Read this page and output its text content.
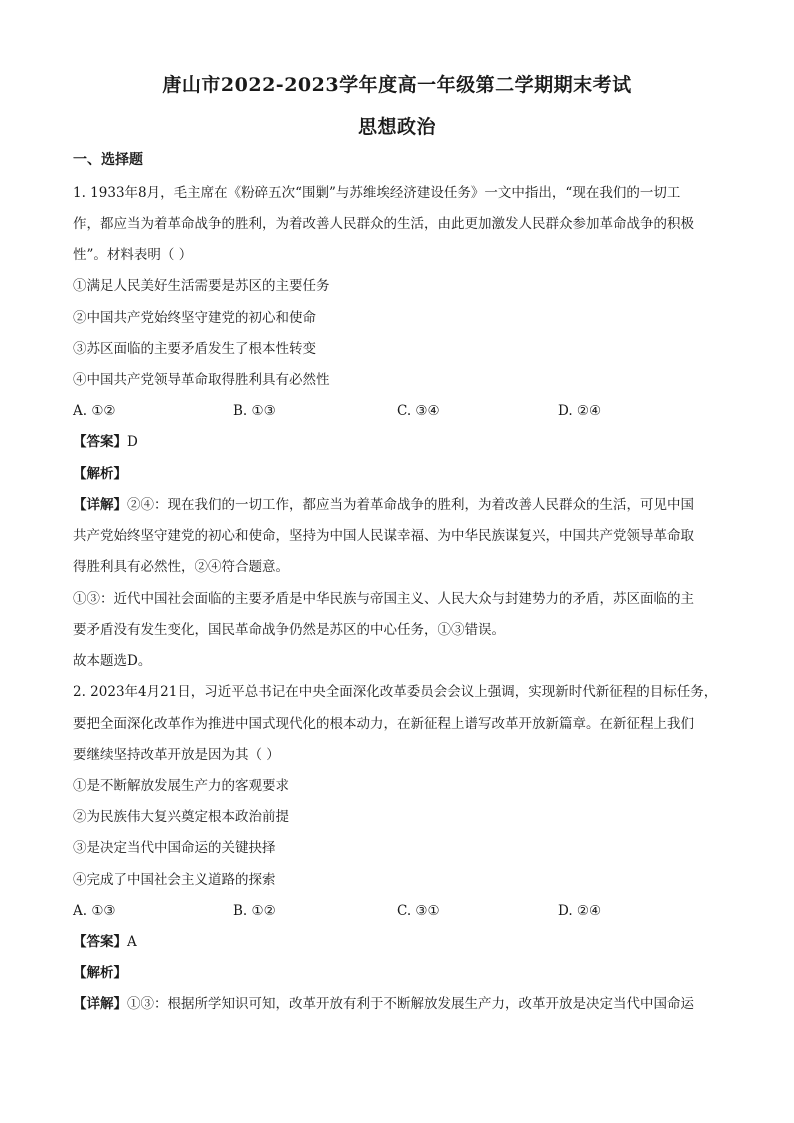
唐山市2022-2023学年度高一年级第二学期期末考试
思想政治
一、选择题
1. 1933年8月，毛主席在《粉碎五次“围剿”与苏维埃经济建设任务》一文中指出，“现在我们的一切工
作，都应当为着革命战争的胜利，为着改善人民群众的生活，由此更加激发人民群众参加革命战争的积极
性”。材料表明（ ）
①满足人民美好生活需要是苏区的主要任务
②中国共产党始终坚守建党的初心和使命
③苏区面临的主要矛盾发生了根本性转变
④中国共产党领导革命取得胜利具有必然性
A. ①②	B. ①③	C. ③④	D. ②④
【答案】D
【解析】
【详解】②④：现在我们的一切工作，都应当为着革命战争的胜利，为着改善人民群众的生活，可见中国
共产党始终坚守建党的初心和使命，坚持为中国人民谋幸福、为中华民族谋复兴，中国共产党领导革命取
得胜利具有必然性，②④符合题意。
①③：近代中国社会面临的主要矛盾是中华民族与帝国主义、人民大众与封建势力的矛盾，苏区面临的主
要矛盾没有发生变化，国民革命战争仍然是苏区的中心任务，①③错误。
故本题选D。
2. 2023年4月21日，习近平总书记在中央全面深化改革委员会会议上强调，实现新时代新征程的目标任务，
要把全面深化改革作为推进中国式现代化的根本动力，在新征程上谱写改革开放新篇章。在新征程上我们
要继续坚持改革开放是因为其（ ）
①是不断解放发展生产力的客观要求
②为民族伟大复兴奠定根本政治前提
③是决定当代中国命运的关键抉择
④完成了中国社会主义道路的探索
A. ①③	B. ①②	C. ③①	D. ②④
【答案】A
【解析】
【详解】①③：根据所学知识可知，改革开放有利于不断解放发展生产力，改革开放是决定当代中国命运
